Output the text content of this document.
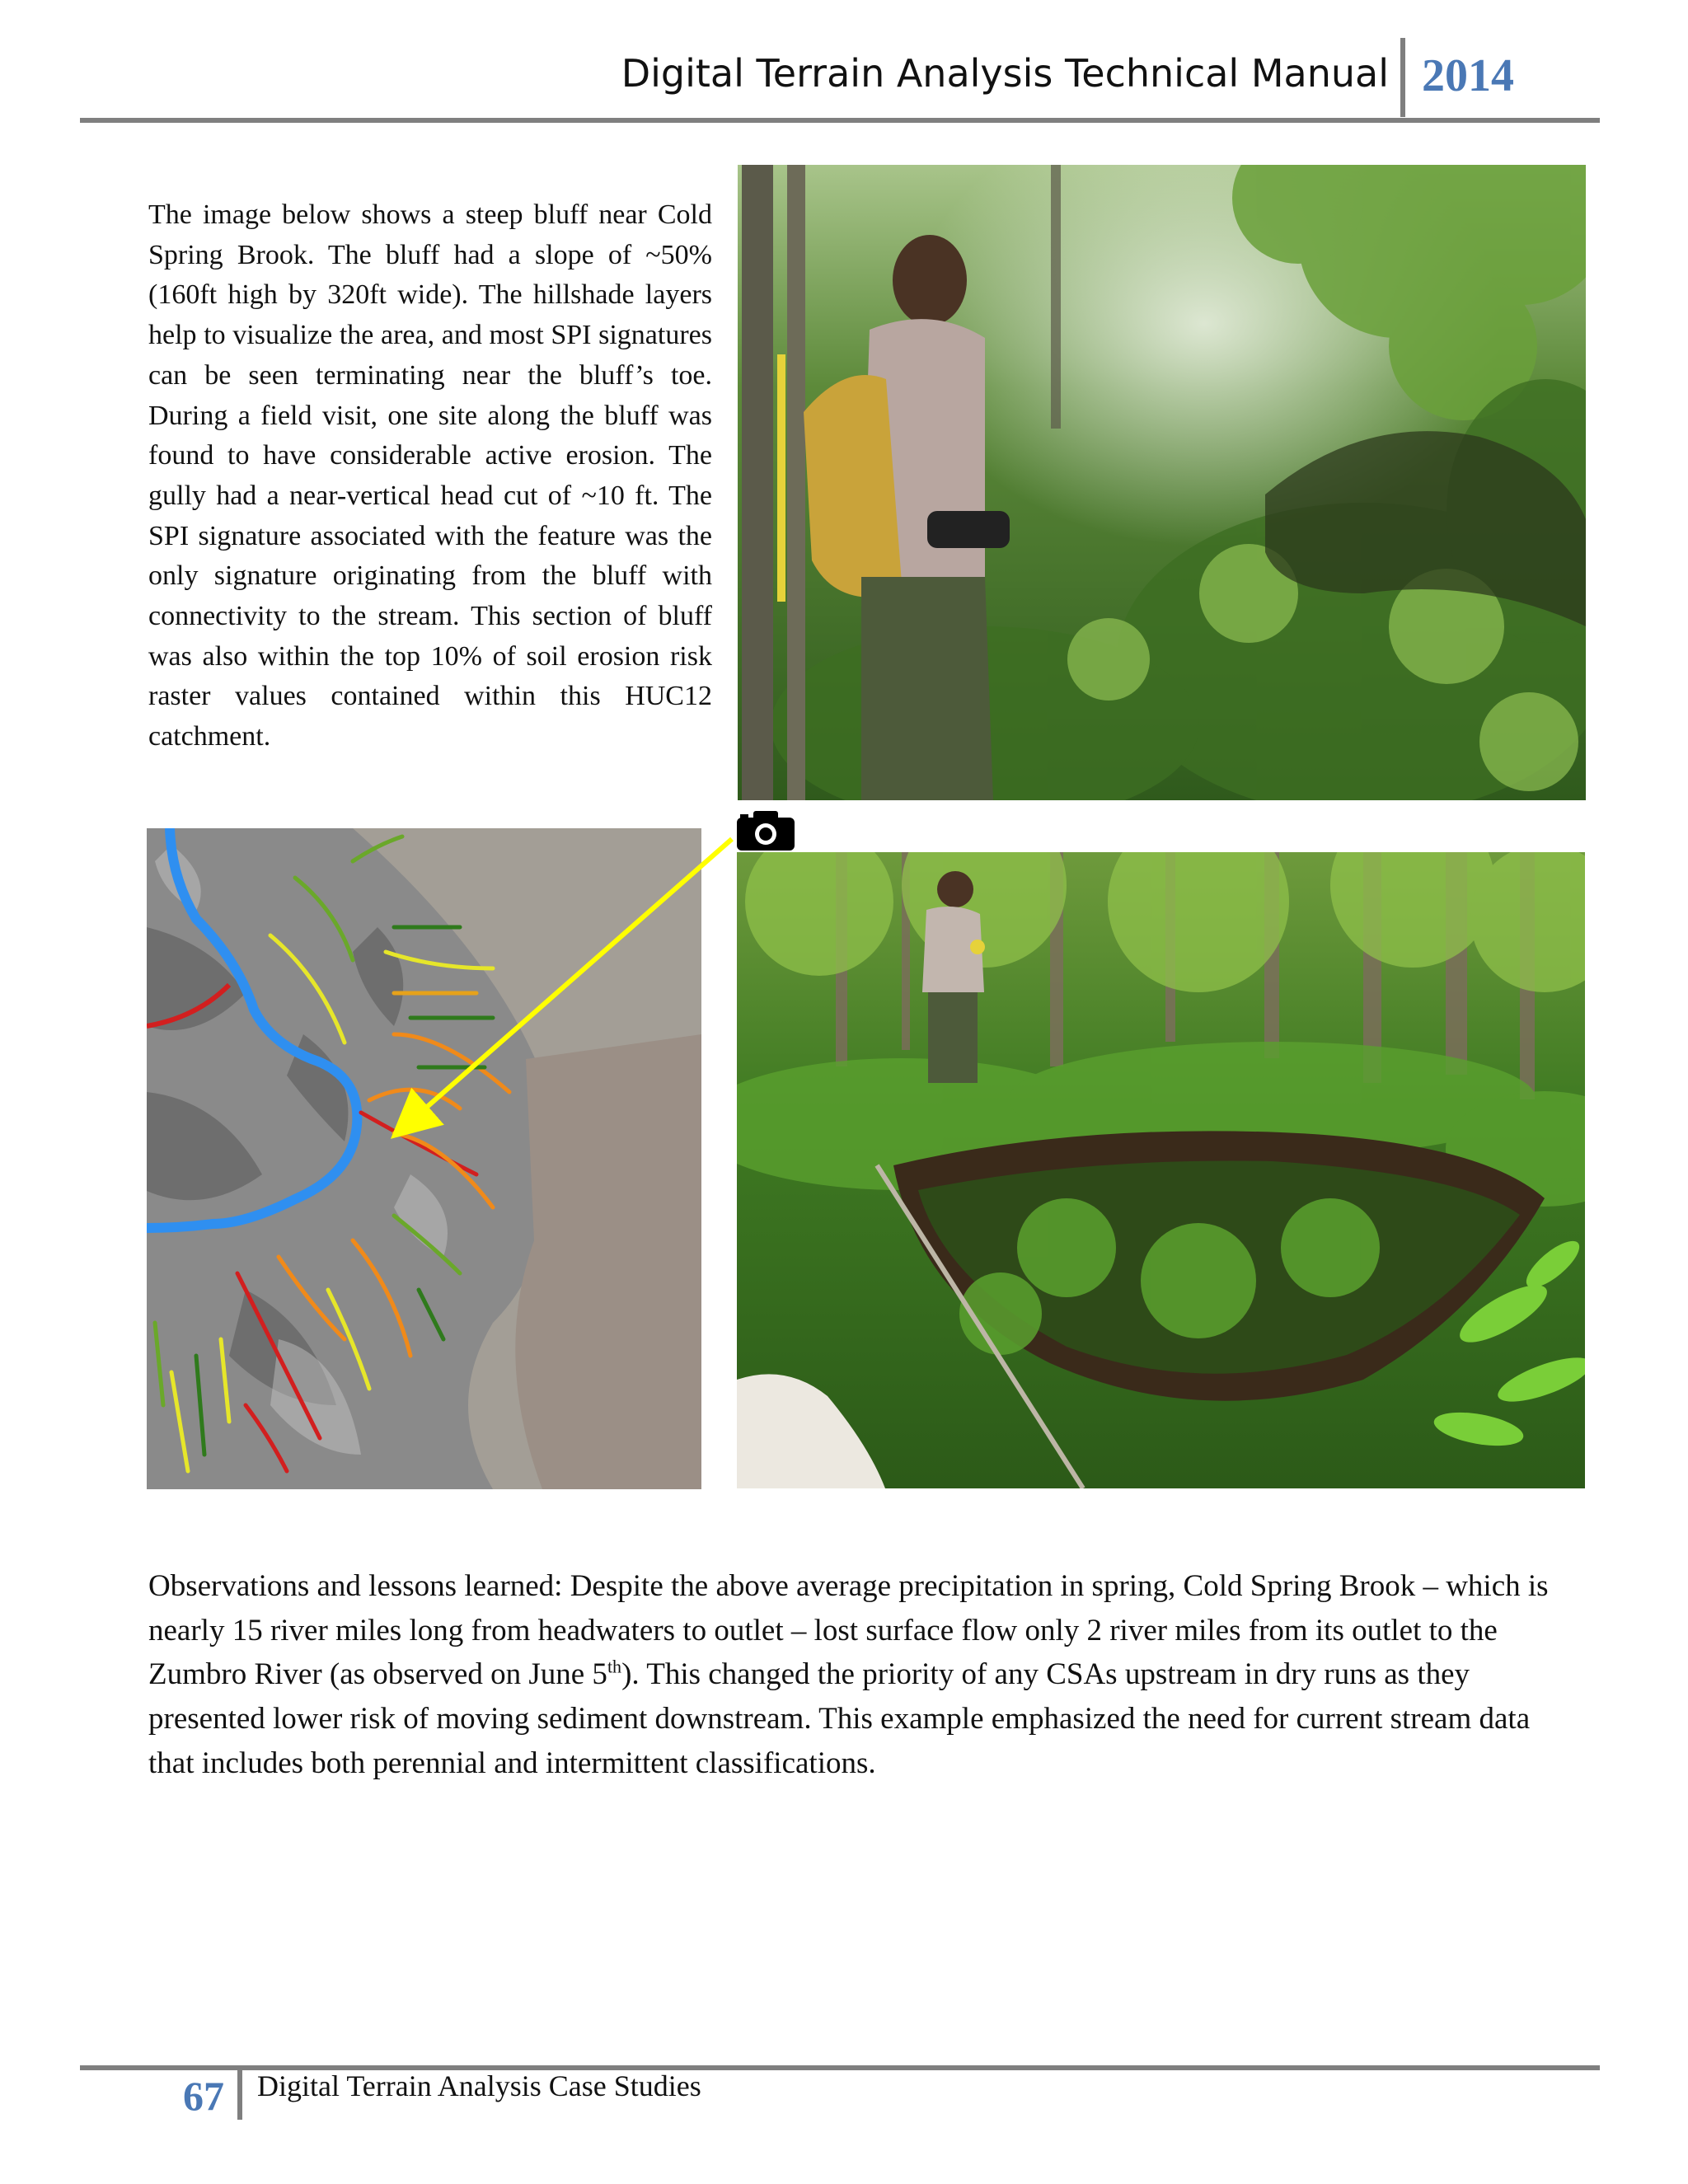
Digital Terrain Analysis Technical Manual 2014

The image below shows a steep bluff near Cold Spring Brook. The bluff had a slope of ~50% (160ft high by 320ft wide). The hillshade layers help to visualize the area, and most SPI signatures can be seen terminating near the bluff’s toe. During a field visit, one site along the bluff was found to have considerable active erosion. The gully had a near-vertical head cut of ~10 ft. The SPI signature associated with the feature was the only signature originating from the bluff with connectivity to the stream. This section of bluff was also within the top 10% of soil erosion risk raster values contained within this HUC12 catchment.

Observations and lessons learned: Despite the above average precipitation in spring, Cold Spring Brook – which is nearly 15 river miles long from headwaters to outlet – lost surface flow only 2 river miles from its outlet to the Zumbro River (as observed on June 5th). This changed the priority of any CSAs upstream in dry runs as they presented lower risk of moving sediment downstream. This example emphasized the need for current stream data that includes both perennial and intermittent classifications.

67 Digital Terrain Analysis Case Studies
